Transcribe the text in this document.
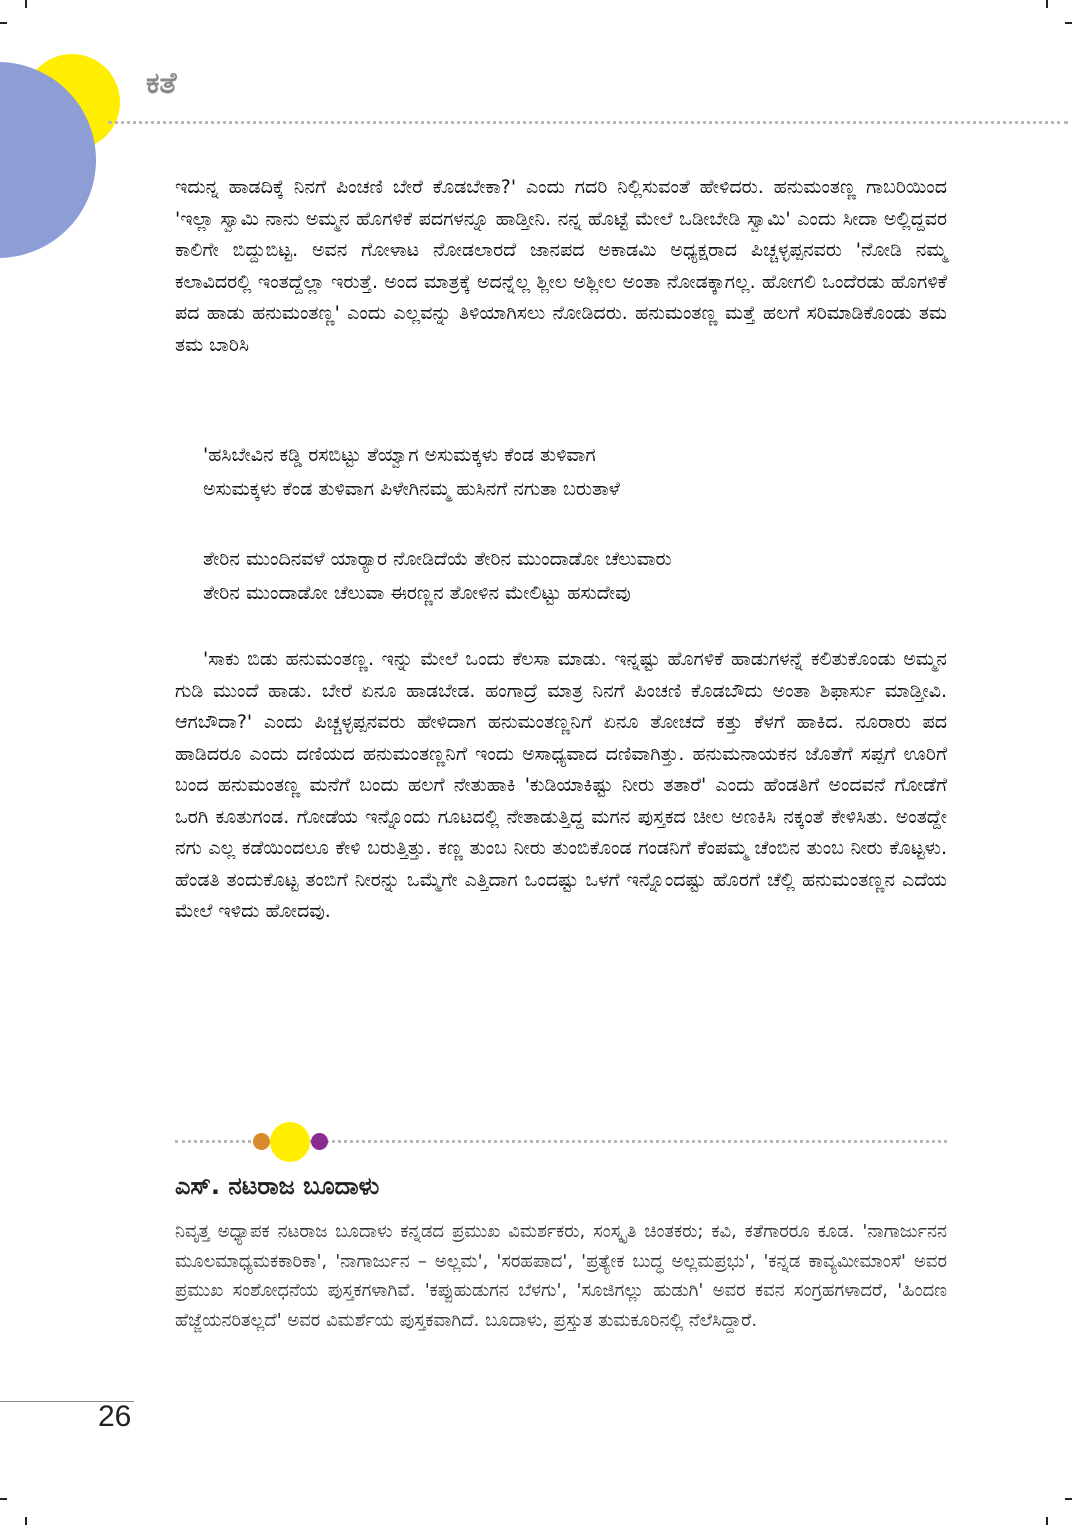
ಕತೆ
ಇದುನ್ನ ಹಾಡದಿಕ್ಕೆ ನಿನಗೆ ಪಿಂಚಣಿ ಬೇರೆ ಕೊಡಬೇಕಾ?' ಎಂದು ಗದರಿ ನಿಲ್ಲಿಸುವಂತೆ ಹೇಳಿದರು. ಹನುಮಂತಣ್ಣ ಗಾಬರಿಯಿಂದ 'ಇಲ್ಲಾ ಸ್ವಾಮಿ ನಾನು ಅಮ್ಮನ ಹೊಗಳಿಕೆ ಪದಗಳನ್ನೂ ಹಾಡ್ತೀನಿ. ನನ್ನ ಹೊಟ್ಟೆ ಮೇಲೆ ಒಡೀಬೇಡಿ ಸ್ವಾಮಿ' ಎಂದು ಸೀದಾ ಅಲ್ಲಿದ್ದವರ ಕಾಲಿಗೇ ಬಿದ್ದುಬಿಟ್ಟ. ಅವನ ಗೋಳಾಟ ನೋಡಲಾರದೆ ಜಾನಪದ ಅಕಾಡಮಿ ಅಧ್ಯಕ್ಷರಾದ ಪಿಚ್ಚಳ್ಳಪ್ಪನವರು 'ನೋಡಿ ನಮ್ಮ ಕಲಾವಿದರಲ್ಲಿ ಇಂತದ್ದೆಲ್ಲಾ ಇರುತ್ತೆ. ಅಂದ ಮಾತ್ರಕ್ಕೆ ಅದನ್ನೆಲ್ಲ ಶ್ಲೀಲ ಅಶ್ಲೀಲ ಅಂತಾ ನೋಡಕ್ಕಾಗಲ್ಲ. ಹೋಗಲಿ ಒಂದೆರಡು ಹೊಗಳಿಕೆ ಪದ ಹಾಡು ಹನುಮಂತಣ್ಣ' ಎಂದು ಎಲ್ಲವನ್ನು ತಿಳಿಯಾಗಿಸಲು ನೋಡಿದರು. ಹನುಮಂತಣ್ಣ ಮತ್ತೆ ಹಲಗೆ ಸರಿಮಾಡಿಕೊಂಡು ತಮ ತಮ ಬಾರಿಸಿ

'ಹಸಿಬೇವಿನ ಕಡ್ಡಿ ರಸಬಿಟ್ಟು ತೆಯ್ವಾಗ ಅಸುಮಕ್ಕಳು ಕೆಂಡ ತುಳಿವಾಗ

ಅಸುಮಕ್ಕಳು ಕೆಂಡ ತುಳಿವಾಗ ಪಿಳೇಗಿನಮ್ಮ ಹುಸಿನಗೆ ನಗುತಾ ಬರುತಾಳೆ

ತೇರಿನ ಮುಂದಿನವಳೆ ಯಾರ್‍ಯಾರ ನೋಡಿದೆಯೆ ತೇರಿನ ಮುಂದಾಡೋ ಚೆಲುವಾರು

ತೇರಿನ ಮುಂದಾಡೋ ಚೆಲುವಾ ಈರಣ್ಣನ ತೋಳಿನ ಮೇಲಿಟ್ಟು ಹಸುದೇವು

'ಸಾಕು ಬಿಡು ಹನುಮಂತಣ್ಣ. ಇನ್ನು ಮೇಲೆ ಒಂದು ಕೆಲಸಾ ಮಾಡು. ಇನ್ನಷ್ಟು ಹೊಗಳಿಕೆ ಹಾಡುಗಳನ್ನೆ ಕಲಿತುಕೊಂಡು ಅಮ್ಮನ ಗುಡಿ ಮುಂದೆ ಹಾಡು. ಬೇರೆ ಏನೂ ಹಾಡಬೇಡ. ಹಂಗಾದ್ರೆ ಮಾತ್ರ ನಿನಗೆ ಪಿಂಚಣಿ ಕೊಡಬೌದು ಅಂತಾ ಶಿಫಾರ್ಸು ಮಾಡ್ತೀವಿ. ಆಗಬೌದಾ?' ಎಂದು ಪಿಚ್ಚಳ್ಳಪ್ಪನವರು ಹೇಳಿದಾಗ ಹನುಮಂತಣ್ಣನಿಗೆ ಏನೂ ತೋಚದೆ ಕತ್ತು ಕೆಳಗೆ ಹಾಕಿದ. ನೂರಾರು ಪದ ಹಾಡಿದರೂ ಎಂದು ದಣಿಯದ ಹನುಮಂತಣ್ಣನಿಗೆ ಇಂದು ಅಸಾಧ್ಯವಾದ ದಣಿವಾಗಿತ್ತು. ಹನುಮನಾಯಕನ ಜೊತೆಗೆ ಸಪ್ಪಗೆ ಊರಿಗೆ ಬಂದ ಹನುಮಂತಣ್ಣ ಮನೆಗೆ ಬಂದು ಹಲಗೆ ನೇತುಹಾಕಿ 'ಕುಡಿಯಾಕಿಷ್ಟು ನೀರು ತತಾರೆ' ಎಂದು ಹೆಂಡತಿಗೆ ಅಂದವನೆ ಗೋಡೆಗೆ ಒರಗಿ ಕೂತುಗಂಡ. ಗೋಡೆಯ ಇನ್ನೊಂದು ಗೂಟದಲ್ಲಿ ನೇತಾಡುತ್ತಿದ್ದ ಮಗನ ಪುಸ್ತಕದ ಚೀಲ ಅಣಕಿಸಿ ನಕ್ಕಂತೆ ಕೇಳಿಸಿತು. ಅಂತದ್ದೇ ನಗು ಎಲ್ಲ ಕಡೆಯಿಂದಲೂ ಕೇಳಿ ಬರುತ್ತಿತ್ತು. ಕಣ್ಣ ತುಂಬ ನೀರು ತುಂಬಿಕೊಂಡ ಗಂಡನಿಗೆ ಕೆಂಪಮ್ಮ ಚೆಂಬಿನ ತುಂಬ ನೀರು ಕೊಟ್ಟಳು. ಹೆಂಡತಿ ತಂದುಕೊಟ್ಟ ತಂಬಿಗೆ ನೀರನ್ನು ಒಮ್ಮೆಗೇ ಎತ್ತಿದಾಗ ಒಂದಷ್ಟು ಒಳಗೆ ಇನ್ನೊಂದಷ್ಟು ಹೊರಗೆ ಚೆಲ್ಲಿ ಹನುಮಂತಣ್ಣನ ಎದೆಯ ಮೇಲೆ ಇಳಿದು ಹೋದವು.
ಎಸ್. ನಟರಾಜ ಬೂದಾಳು
ನಿವೃತ್ತ ಅಧ್ಯಾಪಕ ನಟರಾಜ ಬೂದಾಳು ಕನ್ನಡದ ಪ್ರಮುಖ ವಿಮರ್ಶಕರು, ಸಂಸ್ಕೃತಿ ಚಿಂತಕರು; ಕವಿ, ಕತೆಗಾರರೂ ಕೂಡ. 'ನಾಗಾರ್ಜುನನ ಮೂಲಮಾಧ್ಯಮಕಕಾರಿಕಾ', 'ನಾಗಾರ್ಜುನ – ಅಲ್ಲಮ', 'ಸರಹಪಾದ', 'ಪ್ರತ್ಯೇಕ ಬುದ್ಧ ಅಲ್ಲಮಪ್ರಭು', 'ಕನ್ನಡ ಕಾವ್ಯಮೀಮಾಂಸೆ' ಅವರ ಪ್ರಮುಖ ಸಂಶೋಧನೆಯ ಪುಸ್ತಕಗಳಾಗಿವೆ. 'ಕಪ್ಪುಹುಡುಗನ ಬೆಳಗು', 'ಸೂಜಿಗಲ್ಲು ಹುಡುಗಿ' ಅವರ ಕವನ ಸಂಗ್ರಹಗಳಾದರೆ, 'ಹಿಂದಣ ಹೆಜ್ಜೆಯನರಿತಲ್ಲದೆ' ಅವರ ವಿಮರ್ಶೆಯ ಪುಸ್ತಕವಾಗಿದೆ. ಬೂದಾಳು, ಪ್ರಸ್ತುತ ತುಮಕೂರಿನಲ್ಲಿ ನೆಲೆಸಿದ್ದಾರೆ.
26
